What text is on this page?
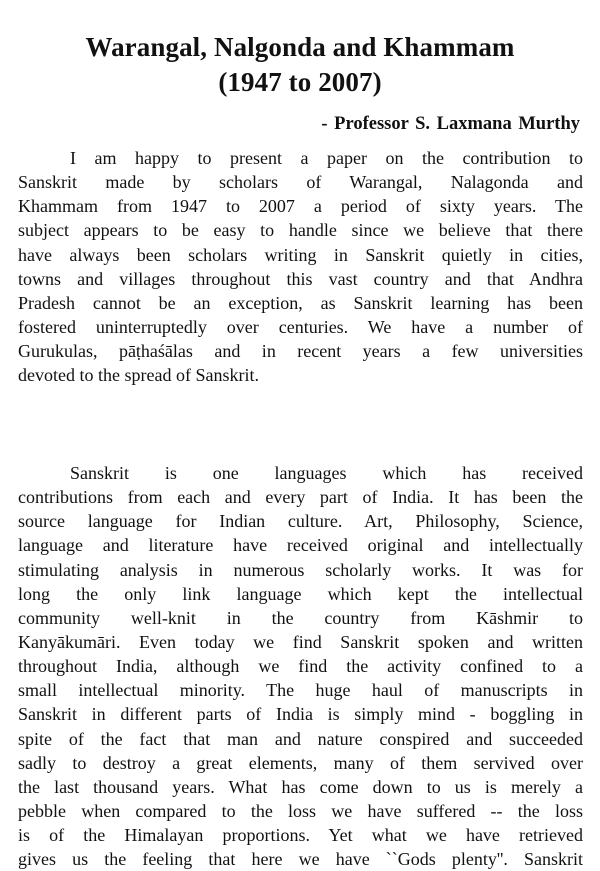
Warangal, Nalgonda and Khammam
(1947 to 2007)
- Professor S. Laxmana Murthy
I am happy to present a paper on the contribution to
Sanskrit made by scholars of Warangal, Nalagonda and
Khammam from 1947 to 2007 a period of sixty years. The
subject appears to be easy to handle since we believe that there
have always been scholars writing in Sanskrit quietly in cities,
towns and villages throughout this vast country and that Andhra
Pradesh cannot be an exception, as Sanskrit learning has been
fostered uninterruptedly over centuries. We have a number of
Gurukulas, pāṭhaśālas and in recent years a few universities
devoted to the spread of Sanskrit.
Sanskrit is one languages which has received
contributions from each and every part of India. It has been the
source language for Indian culture. Art, Philosophy, Science,
language and literature have received original and intellectually
stimulating analysis in numerous scholarly works. It was for
long the only link language which kept the intellectual
community well-knit in the country from Kāshmir to
Kanyākumāri. Even today we find Sanskrit spoken and written
throughout India, although we find the activity confined to a
small intellectual minority. The huge haul of manuscripts in
Sanskrit in different parts of India is simply mind - boggling in
spite of the fact that man and nature conspired and succeeded
sadly to destroy a great elements, many of them servived over
the last thousand years. What has come down to us is merely a
pebble when compared to the loss we have suffered -- the loss
is of the Himalayan proportions. Yet what we have retrieved
gives us the feeling that here we have ``Gods plenty''. Sanskrit
